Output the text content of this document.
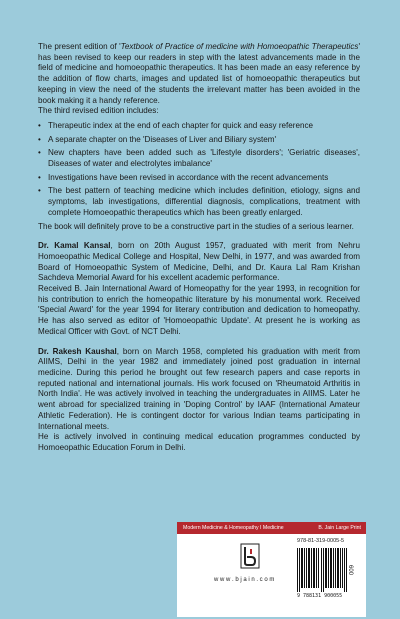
The present edition of 'Textbook of Practice of medicine with Homoeopathic Therapeutics' has been revised to keep our readers in step with the latest advancements made in the field of medicine and homoeopathic therapeutics. It has been made an easy reference by the addition of flow charts, images and updated list of homoeopathic therapeutics but keeping in view the need of the students the irrelevant matter has been avoided in the book making it a handy reference.

The third revised edition includes:

• Therapeutic index at the end of each chapter for quick and easy reference
• A separate chapter on the 'Diseases of Liver and Biliary system'
• New chapters have been added such as 'Lifestyle disorders'; 'Geriatric diseases', Diseases of water and electrolytes imbalance'
• Investigations have been revised in accordance with the recent advancements
• The best pattern of teaching medicine which includes definition, etiology, signs and symptoms, lab investigations, differential diagnosis, complications, treatment with complete Homoeopathic therapeutics which has been greatly enlarged.

The book will definitely prove to be a constructive part in the studies of a serious learner.

Dr. Kamal Kansal, born on 20th August 1957, graduated with merit from Nehru Homoeopathic Medical College and Hospital, New Delhi, in 1977, and was awarded from Board of Homoeopathic System of Medicine, Delhi, and Dr. Kaura Lal Ram Krishan Sachdeva Memorial Award for his excellent academic performance.

Received B. Jain International Award of Homeopathy for the year 1993, in recognition for his contribution to enrich the homeopathic literature by his monumental work. Received 'Special Award' for the year 1994 for literary contribution and dedication to homeopathy. He has also served as editor of 'Homoeopathic Update'. At present he is working as Medical Officer with Govt. of NCT Delhi.

Dr. Rakesh Kaushal, born on March 1958, completed his graduation with merit from AIIMS, Delhi in the year 1982 and immediately joined post graduation in internal medicine. During this period he brought out few research papers and case reports in reputed national and international journals. His work focused on 'Rheumatoid Arthritis in North India'. He was actively involved in teaching the undergraduates in AIIMS. Later he went abroad for specialized training in 'Doping Control' by IAAF (International Amateur Athletic Federation). He is contingent doctor for various Indian teams participating in International meets.

He is actively involved in continuing medical education programmes conducted by Homoeopathic Education Forum in Delhi.

Modern Medicine & Homeopathy I Medicine	B. Jain Large Print
w w w . b j a i n . c o m
978-81-319-0005-5
9 788131 900055
600
